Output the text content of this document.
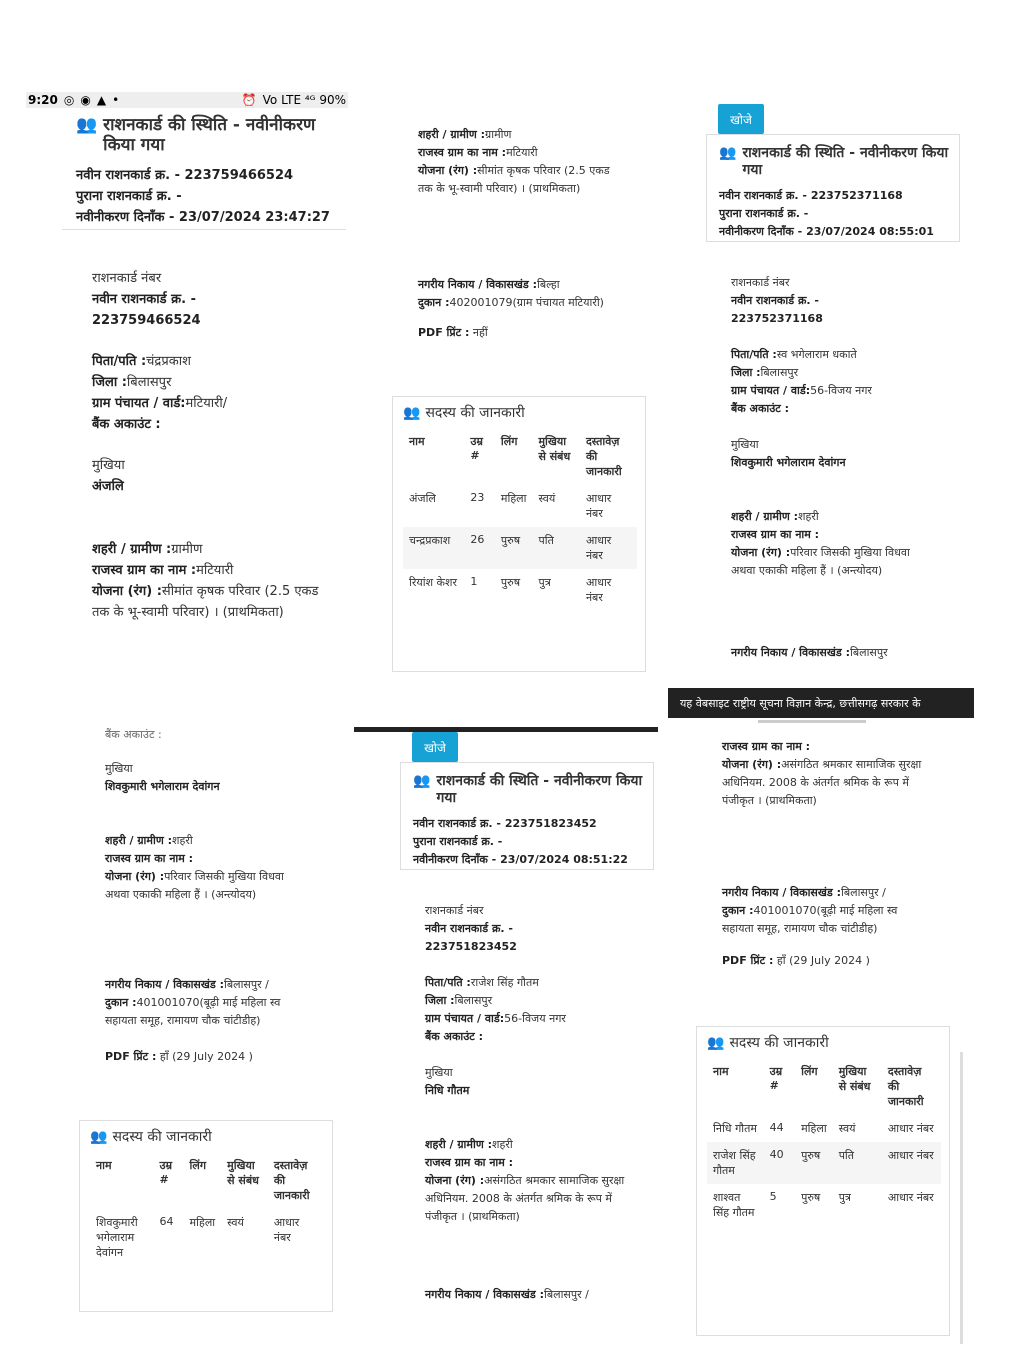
9:20 ◎ ◉ ▲ •	⏰ Vo LTE ⁴ᴳ 90%
👥 राशनकार्ड की स्थिति - नवीनीकरण किया गया
नवीन राशनकार्ड क्र. - 223759466524
पुराना राशनकार्ड क्र. -
नवीनीकरण दिनाँक - 23/07/2024 23:47:27
राशनकार्ड नंबर
नवीन राशनकार्ड क्र. -
223759466524
पिता/पति :चंद्रप्रकाश
जिला :बिलासपुर
ग्राम पंचायत / वार्ड:मटियारी/
बैंक अकाउंट :
मुखिया
अंजलि
शहरी / ग्रामीण :ग्रामीण
राजस्व ग्राम का नाम :मटियारी
योजना (रंग) :सीमांत कृषक परिवार (2.5 एकड तक के भू-स्वामी परिवार) । (प्राथमिकता)
शहरी / ग्रामीण :ग्रामीण
राजस्व ग्राम का नाम :मटियारी
योजना (रंग) :सीमांत कृषक परिवार (2.5 एकड तक के भू-स्वामी परिवार) । (प्राथमिकता)
नगरीय निकाय / विकासखंड :बिल्हा
दुकान :402001079(ग्राम पंचायत मटियारी)
PDF प्रिंट : नहीं
👥 सदस्य की जानकारी
नाम	उम्र #	लिंग	मुखिया से संबंध	दस्तावेज़ की जानकारी
अंजलि	23	महिला	स्वयं	आधार नंबर
चन्द्रप्रकाश	26	पुरुष	पति	आधार नंबर
रियांश केशर	1	पुरुष	पुत्र	आधार नंबर
खोजे
👥 राशनकार्ड की स्थिति - नवीनीकरण किया गया
नवीन राशनकार्ड क्र. - 223752371168
पुराना राशनकार्ड क्र. -
नवीनीकरण दिनाँक - 23/07/2024 08:55:01
राशनकार्ड नंबर
नवीन राशनकार्ड क्र. -
223752371168
पिता/पति :स्व भगेलाराम धकाते
जिला :बिलासपुर
ग्राम पंचायत / वार्ड:56-विजय नगर
बैंक अकाउंट :
मुखिया
शिवकुमारी भगेलाराम देवांगन
शहरी / ग्रामीण :शहरी
राजस्व ग्राम का नाम :
योजना (रंग) :परिवार जिसकी मुखिया विधवा अथवा एकाकी महिला हैं । (अन्त्योदय)
नगरीय निकाय / विकासखंड :बिलासपुर
यह वेबसाइट राष्ट्रीय सूचना विज्ञान केन्द्र, छत्तीसगढ़ सरकार के
बैंक अकाउंट :
मुखिया
शिवकुमारी भगेलाराम देवांगन
शहरी / ग्रामीण :शहरी
राजस्व ग्राम का नाम :
योजना (रंग) :परिवार जिसकी मुखिया विधवा अथवा एकाकी महिला हैं । (अन्त्योदय)
नगरीय निकाय / विकासखंड :बिलासपुर /
दुकान :401001070(बूढ़ी माई महिला स्व सहायता समूह, रामायण चौक चांटीडीह)
PDF प्रिंट : हाँ (29 July 2024 )
👥 सदस्य की जानकारी
नाम	उम्र #	लिंग	मुखिया से संबंध	दस्तावेज़ की जानकारी
शिवकुमारी भगेलाराम देवांगन	64	महिला	स्वयं	आधार नंबर
खोजे
👥 राशनकार्ड की स्थिति - नवीनीकरण किया गया
नवीन राशनकार्ड क्र. - 223751823452
पुराना राशनकार्ड क्र. -
नवीनीकरण दिनाँक - 23/07/2024 08:51:22
राशनकार्ड नंबर
नवीन राशनकार्ड क्र. -
223751823452
पिता/पति :राजेश सिंह गौतम
जिला :बिलासपुर
ग्राम पंचायत / वार्ड:56-विजय नगर
बैंक अकाउंट :
मुखिया
निधि गौतम
शहरी / ग्रामीण :शहरी
राजस्व ग्राम का नाम :
योजना (रंग) :असंगठित श्रमकार सामाजिक सुरक्षा अधिनियम. 2008 के अंतर्गत श्रमिक के रूप में पंजीकृत । (प्राथमिकता)
नगरीय निकाय / विकासखंड :बिलासपुर /
राजस्व ग्राम का नाम :
योजना (रंग) :असंगठित श्रमकार सामाजिक सुरक्षा अधिनियम. 2008 के अंतर्गत श्रमिक के रूप में पंजीकृत । (प्राथमिकता)
नगरीय निकाय / विकासखंड :बिलासपुर /
दुकान :401001070(बूढ़ी माई महिला स्व सहायता समूह, रामायण चौक चांटीडीह)
PDF प्रिंट : हाँ (29 July 2024 )
👥 सदस्य की जानकारी
नाम	उम्र #	लिंग	मुखिया से संबंध	दस्तावेज़ की जानकारी
निधि गौतम	44	महिला	स्वयं	आधार नंबर
राजेश सिंह गौतम	40	पुरुष	पति	आधार नंबर
शाश्वत सिंह गौतम	5	पुरुष	पुत्र	आधार नंबर
